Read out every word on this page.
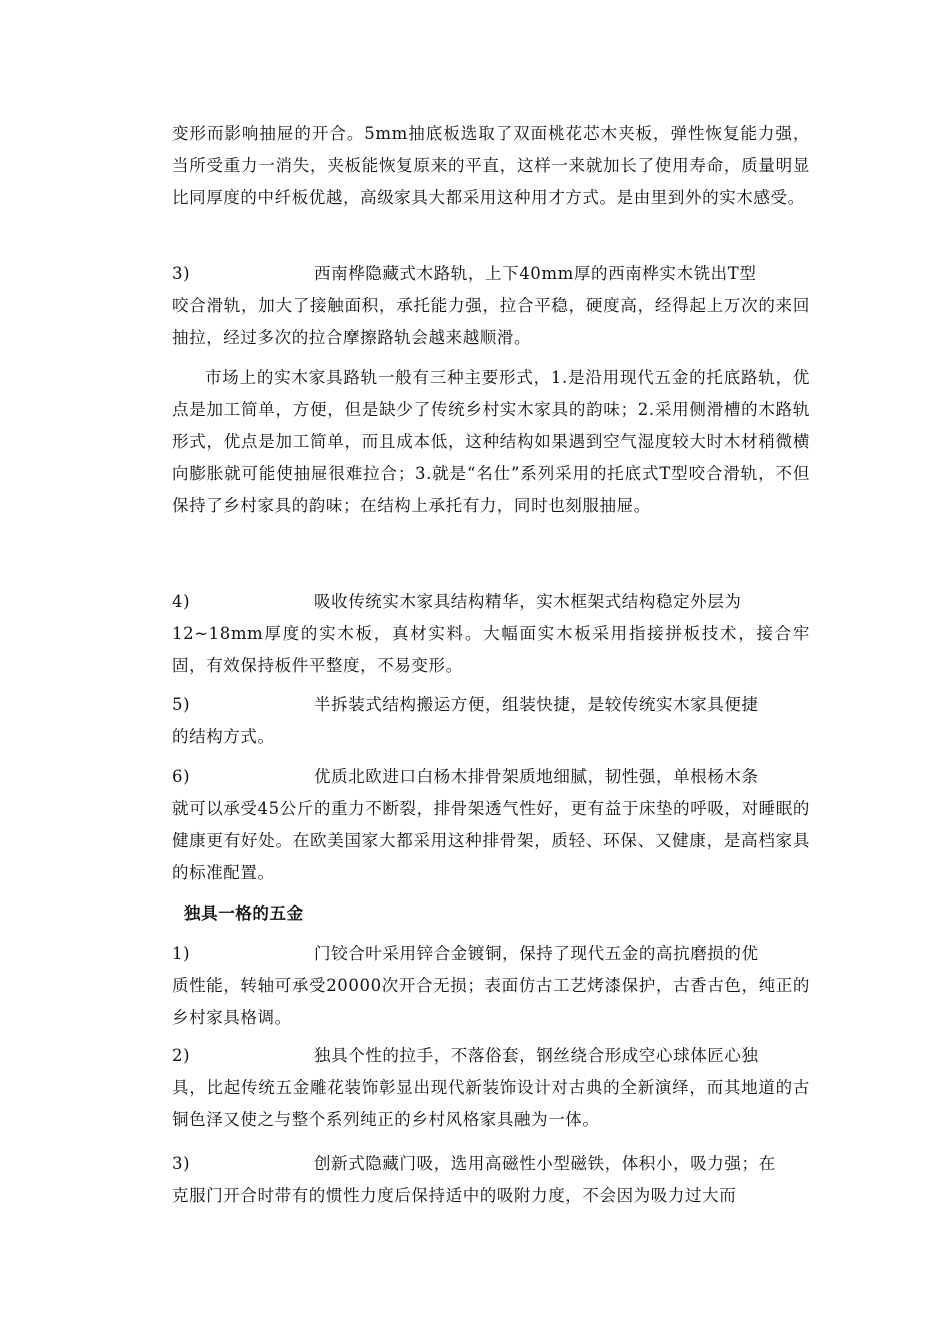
变形而影响抽屉的开合。5mm抽底板选取了双面桃花芯木夹板，弹性恢复能力强，当所受重力一消失，夹板能恢复原来的平直，这样一来就加长了使用寿命，质量明显比同厚度的中纤板优越，高级家具大都采用这种用才方式。是由里到外的实木感受。
3)	西南桦隐藏式木路轨，上下40mm厚的西南桦实木铣出T型
咬合滑轨，加大了接触面积，承托能力强，拉合平稳，硬度高，经得起上万次的来回抽拉，经过多次的拉合摩擦路轨会越来越顺滑。
市场上的实木家具路轨一般有三种主要形式，1.是沿用现代五金的托底路轨，优点是加工简单，方便，但是缺少了传统乡村实木家具的韵味；2.采用侧滑槽的木路轨形式，优点是加工简单，而且成本低，这种结构如果遇到空气湿度较大时木材稍微横向膨胀就可能使抽屉很难拉合；3.就是“名仕”系列采用的托底式T型咬合滑轨，不但保持了乡村家具的韵味；在结构上承托有力，同时也刻服抽屉。
4)	吸收传统实木家具结构精华，实木框架式结构稳定外层为
12~18mm厚度的实木板，真材实料。大幅面实木板采用指接拼板技术，接合牢固，有效保持板件平整度，不易变形。
5)	半拆装式结构搬运方便，组装快捷，是较传统实木家具便捷
的结构方式。
6)	优质北欧进口白杨木排骨架质地细腻，韧性强，单根杨木条
就可以承受45公斤的重力不断裂，排骨架透气性好，更有益于床垫的呼吸，对睡眠的健康更有好处。在欧美国家大都采用这种排骨架，质轻、环保、又健康，是高档家具的标准配置。
独具一格的五金
1)	门铰合叶采用锌合金镀铜，保持了现代五金的高抗磨损的优
质性能，转轴可承受20000次开合无损；表面仿古工艺烤漆保护，古香古色，纯正的乡村家具格调。
2)	独具个性的拉手，不落俗套，钢丝绕合形成空心球体匠心独
具，比起传统五金雕花装饰彰显出现代新装饰设计对古典的全新演绎，而其地道的古铜色泽又使之与整个系列纯正的乡村风格家具融为一体。
3)	创新式隐藏门吸，选用高磁性小型磁铁，体积小，吸力强；在
克服门开合时带有的惯性力度后保持适中的吸附力度，不会因为吸力过大而
